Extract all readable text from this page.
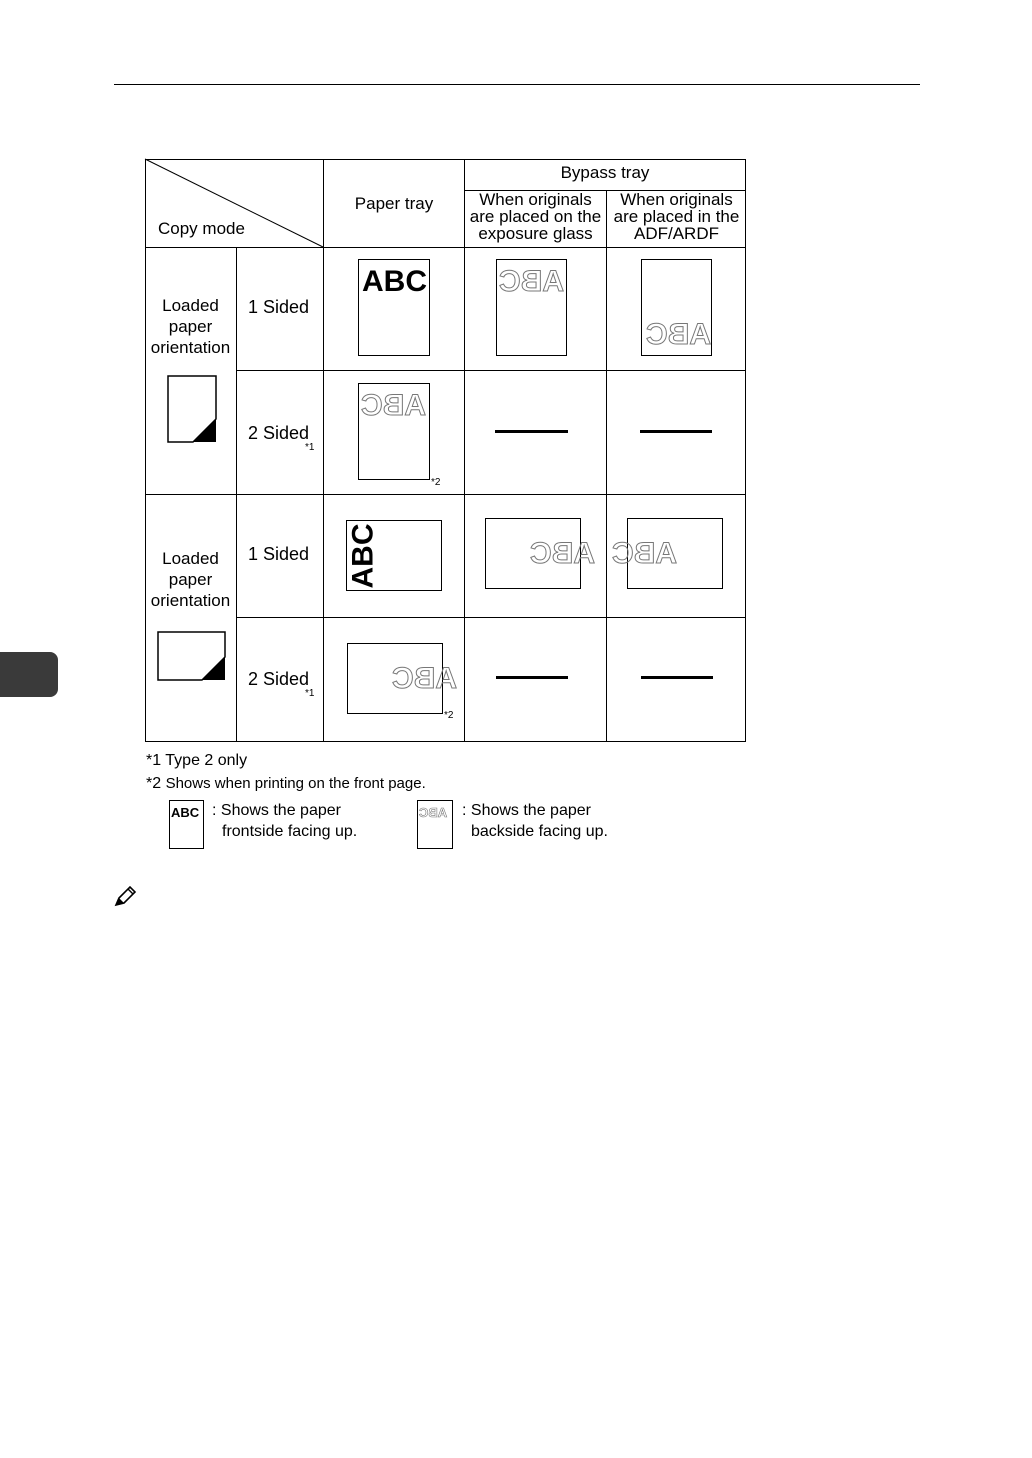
Bypass tray
Paper tray
Copy mode
When originals
are placed on the
exposure glass
When originals
are placed in the
ADF/ARDF
Loaded
paper
orientation
Loaded
paper
orientation
1 Sided
2 Sided
*1
1 Sided
2 Sided
*1
ABC ABC
ABC
ABC
*2
ABC	ABC ABC
ABC
*2
*1 Type 2 only
*2 Shows when printing on the front page.
ABC : Shows the paper
frontside facing up.
ABC : Shows the paper
backside facing up.
